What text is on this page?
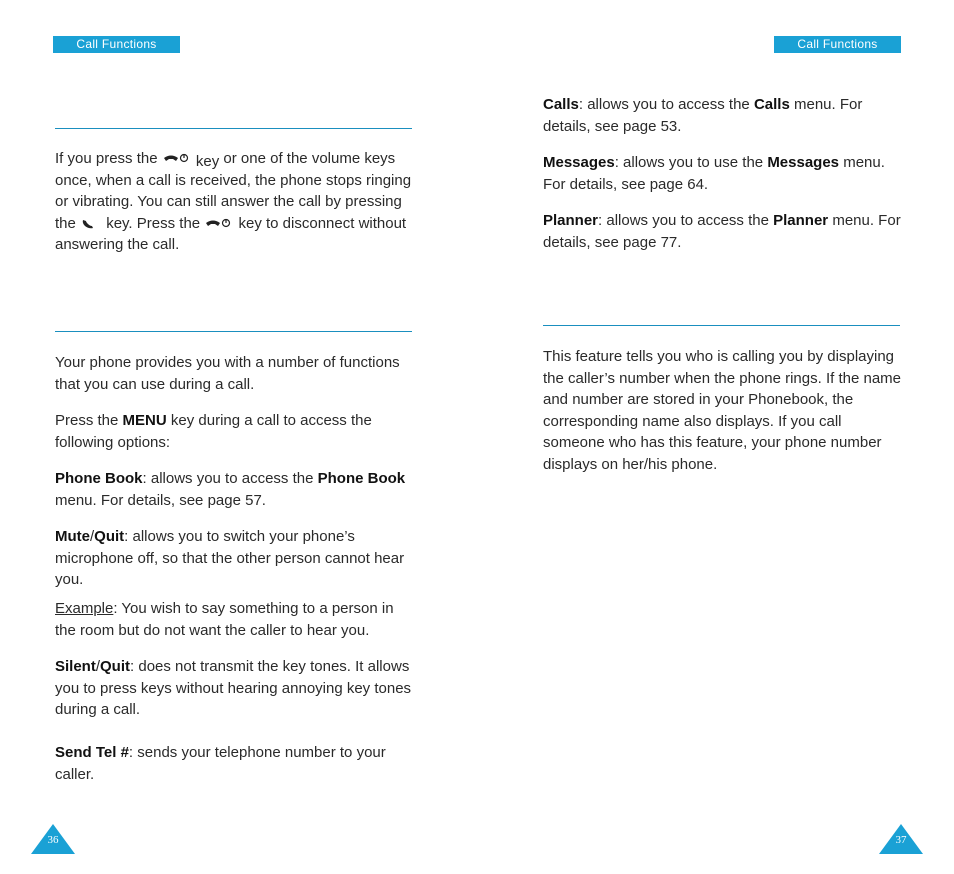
Call Functions	Call Functions

If you press the	key or one of the volume keys once, when a call is received, the phone stops ringing or vibrating. You can still answer the call by pressing the key. Press the	key to disconnect without answering the call.

Your phone provides you with a number of functions that you can use during a call.

Press the MENU key during a call to access the following options:

Phone Book: allows you to access the Phone Book menu. For details, see page 57.

Mute/Quit: allows you to switch your phone’s microphone off, so that the other person cannot hear you.

Example: You wish to say something to a person in the room but do not want the caller to hear you.

Silent/Quit: does not transmit the key tones. It allows you to press keys without hearing annoying key tones during a call.

Send Tel #: sends your telephone number to your caller.

Calls: allows you to access the Calls menu. For details, see page 53.

Messages: allows you to use the Messages menu. For details, see page 64.

Planner: allows you to access the Planner menu. For details, see page 77.

This feature tells you who is calling you by displaying the caller’s number when the phone rings. If the name and number are stored in your Phonebook, the corresponding name also displays. If you call someone who has this feature, your phone number displays on her/his phone.

36	37
